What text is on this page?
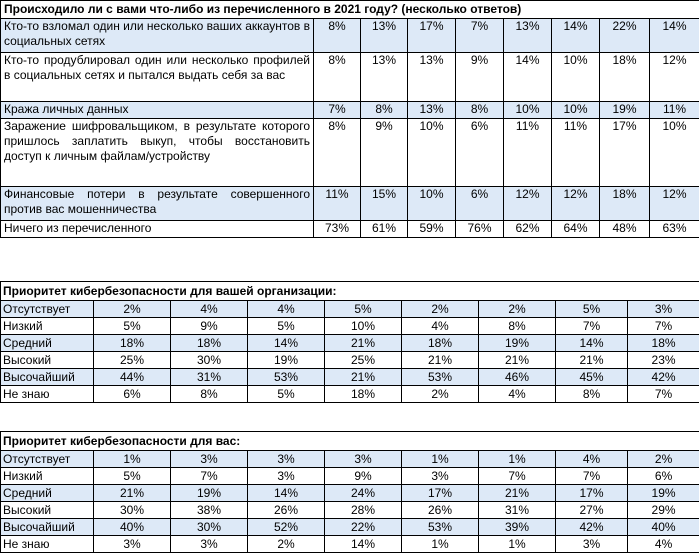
Происходило ли с вами что-либо из перечисленного в 2021 году? (несколько ответов)								
Кто-то взломал один или несколько ваших аккаунтов в социальных сетях	8%	13%	17%	7%	13%	14%	22%	14%
Кто-то продублировал один или несколько профилей в социальных сетях и пытался выдать себя за вас	8%	13%	13%	9%	14%	10%	18%	12%
Кража личных данных	7%	8%	13%	8%	10%	10%	19%	11%
Заражение шифровальщиком, в результате которого пришлось заплатить выкуп, чтобы восстановить доступ к личным файлам/устройству	8%	9%	10%	6%	11%	11%	17%	10%
Финансовые потери в результате совершенного против вас мошенничества	11%	15%	10%	6%	12%	12%	18%	12%
Ничего из перечисленного	73%	61%	59%	76%	62%	64%	48%	63%
Приоритет кибербезопасности для вашей организации:								
Отсутствует	2%	4%	4%	5%	2%	2%	5%	3%
Низкий	5%	9%	5%	10%	4%	8%	7%	7%
Средний	18%	18%	14%	21%	18%	19%	14%	18%
Высокий	25%	30%	19%	25%	21%	21%	21%	23%
Высочайший	44%	31%	53%	21%	53%	46%	45%	42%
Не знаю	6%	8%	5%	18%	2%	4%	8%	7%
Приоритет кибербезопасности для вас:								
Отсутствует	1%	3%	3%	3%	1%	1%	4%	2%
Низкий	5%	7%	3%	9%	3%	7%	7%	6%
Средний	21%	19%	14%	24%	17%	21%	17%	19%
Высокий	30%	38%	26%	28%	26%	31%	27%	29%
Высочайший	40%	30%	52%	22%	53%	39%	42%	40%
Не знаю	3%	3%	2%	14%	1%	1%	3%	4%
